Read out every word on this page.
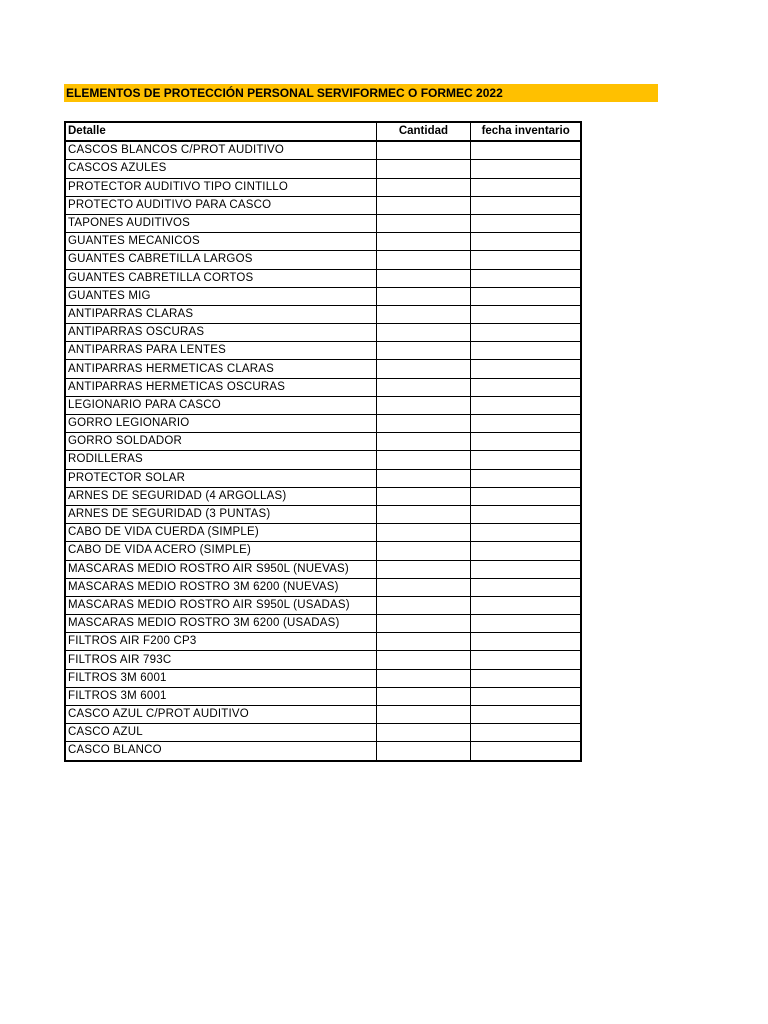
ELEMENTOS DE PROTECCIÓN PERSONAL SERVIFORMEC O FORMEC 2022
Detalle	Cantidad	fecha inventario
CASCOS BLANCOS C/PROT AUDITIVO		
CASCOS AZULES		
PROTECTOR AUDITIVO TIPO CINTILLO		
PROTECTO AUDITIVO PARA CASCO		
TAPONES AUDITIVOS		
GUANTES MECANICOS		
GUANTES CABRETILLA LARGOS		
GUANTES CABRETILLA CORTOS		
GUANTES MIG		
ANTIPARRAS CLARAS		
ANTIPARRAS OSCURAS		
ANTIPARRAS PARA LENTES		
ANTIPARRAS HERMETICAS CLARAS		
ANTIPARRAS HERMETICAS OSCURAS		
LEGIONARIO PARA CASCO		
GORRO LEGIONARIO		
GORRO SOLDADOR		
RODILLERAS		
PROTECTOR SOLAR		
ARNES DE SEGURIDAD (4 ARGOLLAS)		
ARNES DE SEGURIDAD (3 PUNTAS)		
CABO DE VIDA CUERDA (SIMPLE)		
CABO DE VIDA ACERO (SIMPLE)		
MASCARAS MEDIO ROSTRO AIR S950L (NUEVAS)		
MASCARAS MEDIO ROSTRO 3M 6200 (NUEVAS)		
MASCARAS MEDIO ROSTRO AIR S950L (USADAS)		
MASCARAS MEDIO ROSTRO 3M 6200 (USADAS)		
FILTROS AIR F200 CP3		
FILTROS AIR 793C		
FILTROS 3M 6001		
FILTROS 3M 6001		
CASCO AZUL C/PROT AUDITIVO		
CASCO AZUL		
CASCO BLANCO		
